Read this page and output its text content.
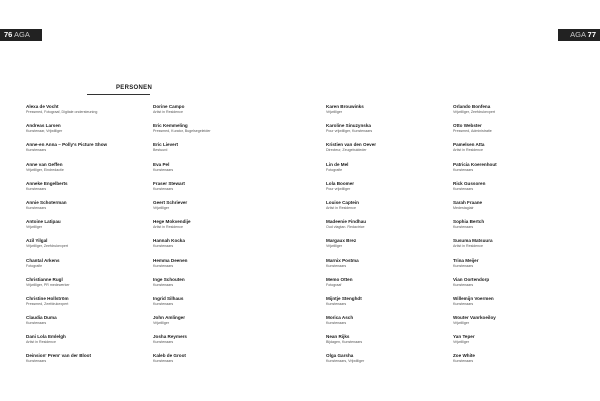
76 AGA	AGA 77
PERSONEN
Alexa de Vocht
Pressmed, Fotograaf, Digitale ondersteuning
Andreas Larsen
Kunstenaar, Vrijwilliger
Anne-en Anna – Polly's Picture Show
Kunstenaars
Anne van Geffen
Vrijwilliger, Eindredactie
Anneke Engelberts
Kunstenaars
Annie Schoterman
Kunstenaars
Antoine Latipau
Vrijwilliger
Azil Yilgal
Vrijwilliger, Zeefdrukexpert
Chantal Arkens
Fotografie
Christianne Rugl
Vrijwilliger, PR medewerker
Christine Hollström
Pressmed, Zeefdrukexpert
Claudia Duma
Kunstenaars
Dani Lola Emlelgh
Artist in Residence
Deinsion' Prem' van der Bloot
Kunstenaars
Dorine Campo
Artist in Residence
Eric Kemmeling
Pressmed, Kurator, Bugelsegeleider
Eric Lievert
Bestuurd
Eva Pel
Kunstenaars
Fraser Stewart
Kunstenaars
Geert Schriever
Vrijwilliger
Hege Mokvendije
Artist in Residence
Hannah Kocka
Kunstenaars
Hemma Deenen
Kunstenaars
Inge Schouten
Kunstenaars
Ingrid Silhaus
Kunstenaars
John Amlinger
Vrijwilliger
Josha Reymers
Kunstenaars
Kaleb de Groot
Kunstenaars
Karen Brouwinks
Vrijwilliger
Karoline Sinuzynska
Pour vrijwilliger, Kunstenaars
Kristien van den Oever
Directeur, Zeugebuideder
Lin de Mel
Fotografie
Lola Boomer
Pour vrijwilliger
Louise Captein
Artist in Residence
Madeenie Findhau
Oud vlagtan. Redactrice
Margaux Brez
Vrijwilliger
Marnix Postma
Kunstenaars
Memo Otten
Fotograaf
Mijntje Stenghdt
Kunstenaars
Morica Asch
Kunstenaars
Nean Rijks
Bijdagen, Kunstenaars
Olga Garsha
Kunstenaars, Vrijwilliger
Orlando Bonfena
Vrijwilliger, Zeefdrukexpert
Otto Webster
Pressmed, Administratie
Pamelsen Atta
Artist in Residence
Patricia Koerenhout
Kunstenaars
Rick Gussoren
Kunstenaars
Sarah Fraane
Medestagiair
Sophia Bertch
Kunstenaars
Susuma Matsuura
Artist in Residence
Trina Meijer
Kunstenaars
Vian Oortendorp
Kunstenaars
Willemijn Voermen
Kunstenaars
Wouter Vanrkoeiloy
Vrijwilliger
Yan Teper
Vrijwilliger
Zoe White
Kunstenaars
